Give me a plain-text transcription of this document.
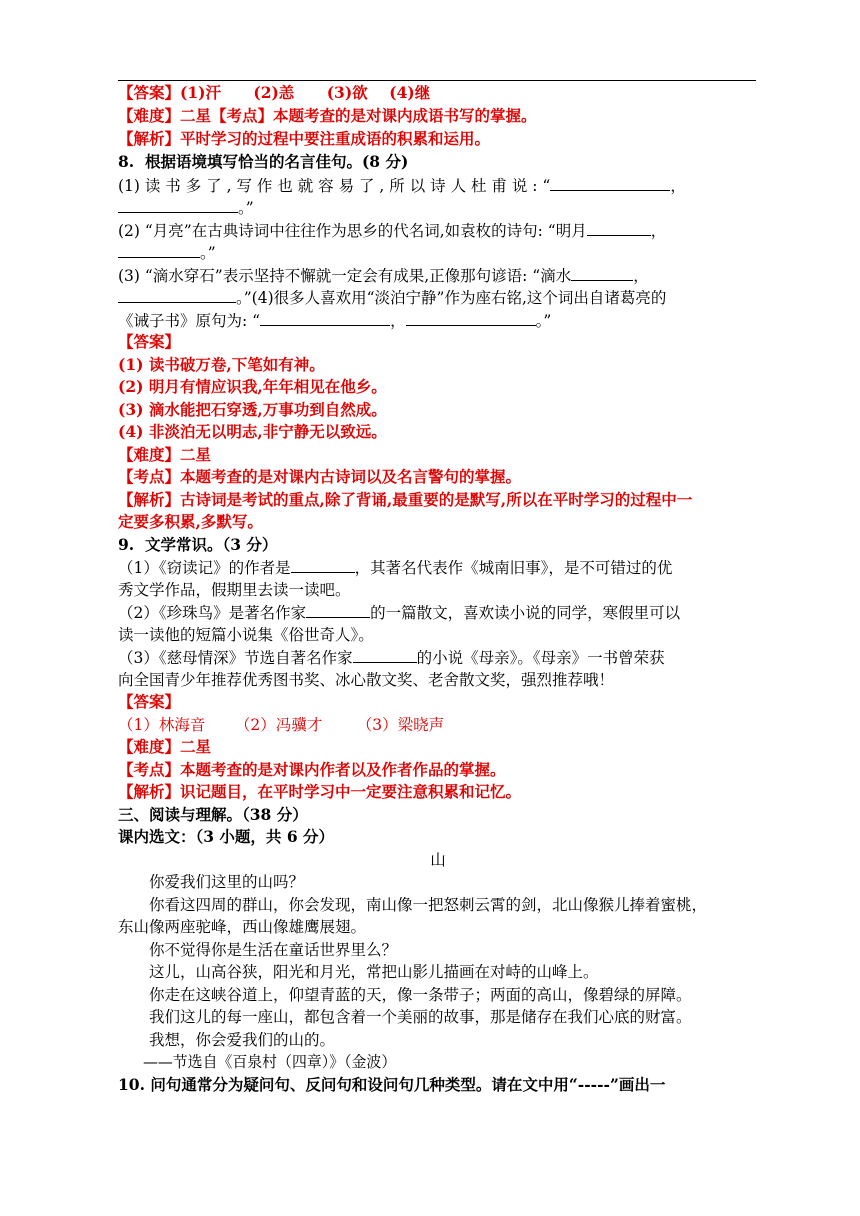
【答案】(1)汗 (2)恙 (3)欲 (4)继
【难度】二星【考点】本题考查的是对课内成语书写的掌握。
【解析】平时学习的过程中要注重成语的积累和运用。
8.  根据语境填写恰当的名言佳句。(8 分)
(1) 读 书 多 了 , 写 作 也 就 容 易 了 , 所 以 诗 人 杜 甫 说 : “	，
。”
(2) “月亮”在古典诗词中往往作为思乡的代名词,如袁枚的诗句: “明月	，
。”
(3) “滴水穿石”表示坚持不懈就一定会有成果,正像那句谚语: “滴水	，
。”(4)很多人喜欢用“淡泊宁静”作为座右铭,这个词出自诸葛亮的
《诫子书》原句为: “	，	。”
【答案】
(1) 读书破万卷,下笔如有神。
(2) 明月有情应识我,年年相见在他乡。
(3) 滴水能把石穿透,万事功到自然成。
(4) 非淡泊无以明志,非宁静无以致远。
【难度】二星
【考点】本题考查的是对课内古诗词以及名言警句的掌握。
【解析】古诗词是考试的重点,除了背诵,最重要的是默写,所以在平时学习的过程中一
定要多积累,多默写。
9.  文学常识。（3 分）
（1）《窃读记》的作者是	，其著名代表作《城南旧事》，是不可错过的优
秀文学作品，假期里去读一读吧。
（2）《珍珠鸟》是著名作家	的一篇散文，喜欢读小说的同学，寒假里可以
读一读他的短篇小说集《俗世奇人》。
（3）《慈母情深》节选自著名作家	的小说《母亲》。《母亲》一书曾荣获
向全国青少年推荐优秀图书奖、冰心散文奖、老舍散文奖，强烈推荐哦！
【答案】
（1）林海音      （2）冯骥才       （3）梁晓声
【难度】二星
【考点】本题考查的是对课内作者以及作者作品的掌握。
【解析】识记题目，在平时学习中一定要注意积累和记忆。
三、阅读与理解。（38 分）
课内选文：（3 小题，共 6 分）
山
你爱我们这里的山吗？
你看这四周的群山，你会发现，南山像一把怒刺云霄的剑，北山像猴儿捧着蜜桃，
东山像两座驼峰，西山像雄鹰展翅。
你不觉得你是生活在童话世界里么？
这儿，山高谷狭，阳光和月光，常把山影儿描画在对峙的山峰上。
你走在这峡谷道上，仰望青蓝的天，像一条带子；两面的高山，像碧绿的屏障。
我们这儿的每一座山，都包含着一个美丽的故事，那是储存在我们心底的财富。
我想，你会爱我们的山的。
——节选自《百泉村（四章）》（金波）
10. 问句通常分为疑问句、反问句和设问句几种类型。请在文中用“-----”画出一
